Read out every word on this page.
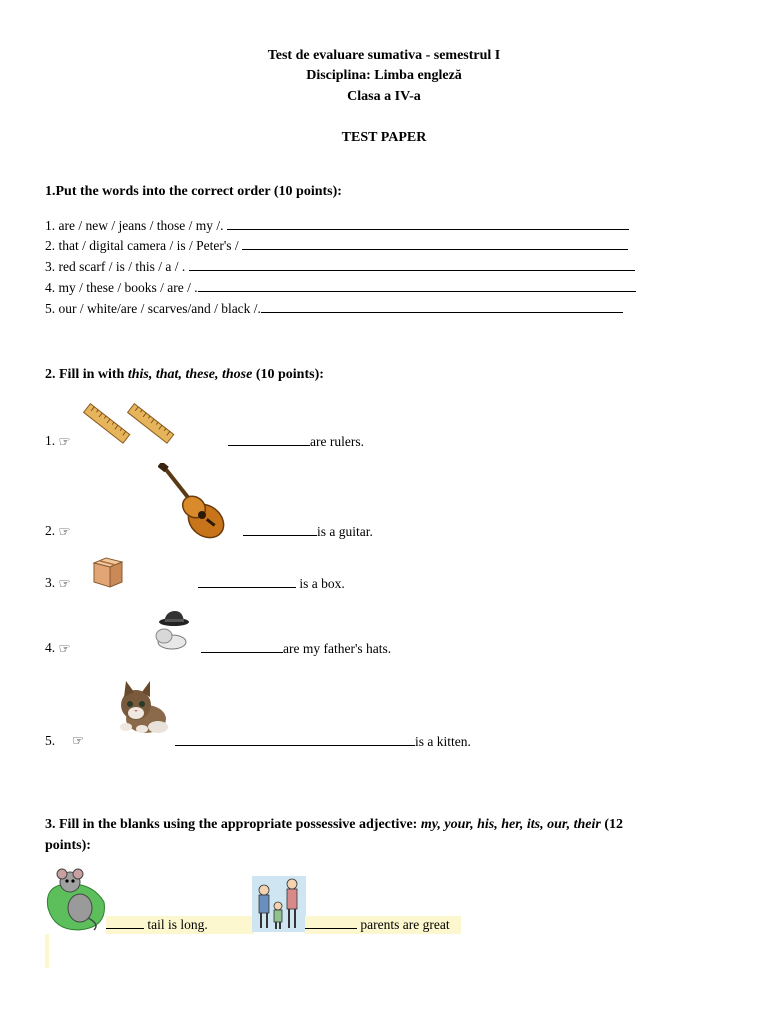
Test de evaluare sumativa - semestrul I
Disciplina: Limba engleză
Clasa a IV-a
TEST PAPER
1.Put the words into the correct order (10 points):
1. are / new / jeans / those / my /.
2. that / digital camera / is / Peter's /
3. red scarf / is / this / a / .
4. my / these / books / are / .
5. our / white/are / scarves/and / black /.
2. Fill in with this, that, these, those (10 points):
1. ☞	are rulers.
2. ☞	is a guitar.
3. ☞	is a box.
4. ☞	are my father's hats.
5. ☞	is a kitten.
3. Fill in the blanks using the appropriate possessive adjective: my, your, his, her, its, our, their (12
points):
tail is long.	parents are great
